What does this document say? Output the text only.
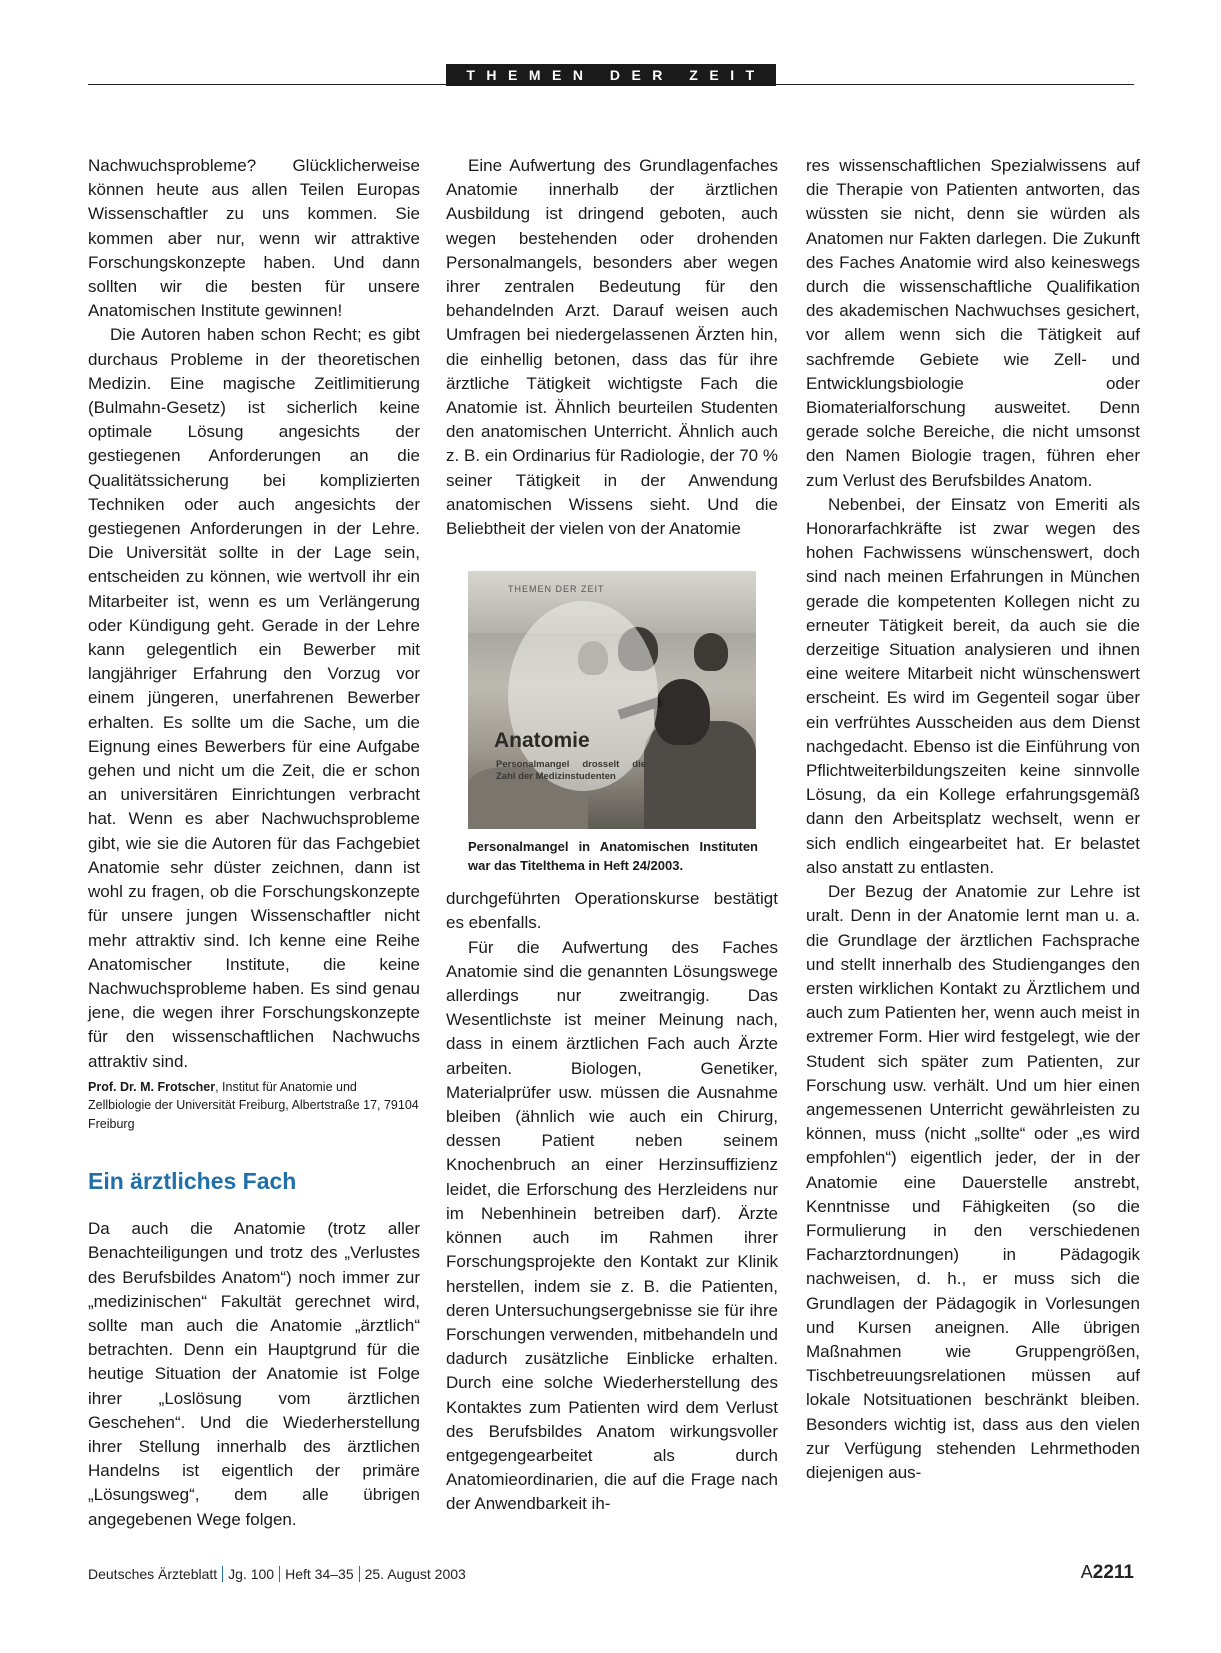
THEMEN DER ZEIT

Nachwuchsprobleme? Glücklicherweise können heute aus allen Teilen Europas Wissenschaftler zu uns kommen. Sie kommen aber nur, wenn wir attraktive Forschungskonzepte haben. Und dann sollten wir die besten für unsere Anatomischen Institute gewinnen!

Die Autoren haben schon Recht; es gibt durchaus Probleme in der theoretischen Medizin. Eine magische Zeitlimitierung (Bulmahn-Gesetz) ist sicherlich keine optimale Lösung angesichts der gestiegenen Anforderungen an die Qualitätssicherung bei komplizierten Techniken oder auch angesichts der gestiegenen Anforderungen in der Lehre. Die Universität sollte in der Lage sein, entscheiden zu können, wie wertvoll ihr ein Mitarbeiter ist, wenn es um Verlängerung oder Kündigung geht. Gerade in der Lehre kann gelegentlich ein Bewerber mit langjähriger Erfahrung den Vorzug vor einem jüngeren, unerfahrenen Bewerber erhalten. Es sollte um die Sache, um die Eignung eines Bewerbers für eine Aufgabe gehen und nicht um die Zeit, die er schon an universitären Einrichtungen verbracht hat. Wenn es aber Nachwuchsprobleme gibt, wie sie die Autoren für das Fachgebiet Anatomie sehr düster zeichnen, dann ist wohl zu fragen, ob die Forschungskonzepte für unsere jungen Wissenschaftler nicht mehr attraktiv sind. Ich kenne eine Reihe Anatomischer Institute, die keine Nachwuchsprobleme haben. Es sind genau jene, die wegen ihrer Forschungskonzepte für den wissenschaftlichen Nachwuchs attraktiv sind.

Prof. Dr. M. Frotscher, Institut für Anatomie und Zellbiologie der Universität Freiburg, Albertstraße 17, 79104 Freiburg
Ein ärztliches Fach

Da auch die Anatomie (trotz aller Benachteiligungen und trotz des „Verlustes des Berufsbildes Anatom“) noch immer zur „medizinischen“ Fakultät gerechnet wird, sollte man auch die Anatomie „ärztlich“ betrachten. Denn ein Hauptgrund für die heutige Situation der Anatomie ist Folge ihrer „Loslösung vom ärztlichen Geschehen“. Und die Wiederherstellung ihrer Stellung innerhalb des ärztlichen Handelns ist eigentlich der primäre „Lösungsweg“, dem alle übrigen angegebenen Wege folgen.

Eine Aufwertung des Grundlagenfaches Anatomie innerhalb der ärztlichen Ausbildung ist dringend geboten, auch wegen bestehenden oder drohenden Personalmangels, besonders aber wegen ihrer zentralen Bedeutung für den behandelnden Arzt. Darauf weisen auch Umfragen bei niedergelassenen Ärzten hin, die einhellig betonen, dass das für ihre ärztliche Tätigkeit wichtigste Fach die Anatomie ist. Ähnlich beurteilen Studenten den anatomischen Unterricht. Ähnlich auch z. B. ein Ordinarius für Radiologie, der 70 % seiner Tätigkeit in der Anwendung anatomischen Wissens sieht. Und die Beliebtheit der vielen von der Anatomie

THEMEN DER ZEIT
Anatomie
Personalmangel drosselt die Zahl der Medizinstudenten
Personalmangel in Anatomischen Instituten war das Titelthema in Heft 24/2003.

durchgeführten Operationskurse bestätigt es ebenfalls.

Für die Aufwertung des Faches Anatomie sind die genannten Lösungswege allerdings nur zweitrangig. Das Wesentlichste ist meiner Meinung nach, dass in einem ärztlichen Fach auch Ärzte arbeiten. Biologen, Genetiker, Materialprüfer usw. müssen die Ausnahme bleiben (ähnlich wie auch ein Chirurg, dessen Patient neben seinem Knochenbruch an einer Herzinsuffizienz leidet, die Erforschung des Herzleidens nur im Nebenhinein betreiben darf). Ärzte können auch im Rahmen ihrer Forschungsprojekte den Kontakt zur Klinik herstellen, indem sie z. B. die Patienten, deren Untersuchungsergebnisse sie für ihre Forschungen verwenden, mitbehandeln und dadurch zusätzliche Einblicke erhalten. Durch eine solche Wiederherstellung des Kontaktes zum Patienten wird dem Verlust des Berufsbildes Anatom wirkungsvoller entgegengearbeitet als durch Anatomieordinarien, die auf die Frage nach der Anwendbarkeit ih-

res wissenschaftlichen Spezialwissens auf die Therapie von Patienten antworten, das wüssten sie nicht, denn sie würden als Anatomen nur Fakten darlegen. Die Zukunft des Faches Anatomie wird also keineswegs durch die wissenschaftliche Qualifikation des akademischen Nachwuchses gesichert, vor allem wenn sich die Tätigkeit auf sachfremde Gebiete wie Zell- und Entwicklungsbiologie oder Biomaterialforschung ausweitet. Denn gerade solche Bereiche, die nicht umsonst den Namen Biologie tragen, führen eher zum Verlust des Berufsbildes Anatom.

Nebenbei, der Einsatz von Emeriti als Honorarfachkräfte ist zwar wegen des hohen Fachwissens wünschenswert, doch sind nach meinen Erfahrungen in München gerade die kompetenten Kollegen nicht zu erneuter Tätigkeit bereit, da auch sie die derzeitige Situation analysieren und ihnen eine weitere Mitarbeit nicht wünschenswert erscheint. Es wird im Gegenteil sogar über ein verfrühtes Ausscheiden aus dem Dienst nachgedacht. Ebenso ist die Einführung von Pflichtweiterbildungszeiten keine sinnvolle Lösung, da ein Kollege erfahrungsgemäß dann den Arbeitsplatz wechselt, wenn er sich endlich eingearbeitet hat. Er belastet also anstatt zu entlasten.

Der Bezug der Anatomie zur Lehre ist uralt. Denn in der Anatomie lernt man u. a. die Grundlage der ärztlichen Fachsprache und stellt innerhalb des Studienganges den ersten wirklichen Kontakt zu Ärztlichem und auch zum Patienten her, wenn auch meist in extremer Form. Hier wird festgelegt, wie der Student sich später zum Patienten, zur Forschung usw. verhält. Und um hier einen angemessenen Unterricht gewährleisten zu können, muss (nicht „sollte“ oder „es wird empfohlen“) eigentlich jeder, der in der Anatomie eine Dauerstelle anstrebt, Kenntnisse und Fähigkeiten (so die Formulierung in den verschiedenen Facharztordnungen) in Pädagogik nachweisen, d. h., er muss sich die Grundlagen der Pädagogik in Vorlesungen und Kursen aneignen. Alle übrigen Maßnahmen wie Gruppengrößen, Tischbetreuungsrelationen müssen auf lokale Notsituationen beschränkt bleiben. Besonders wichtig ist, dass aus den vielen zur Verfügung stehenden Lehrmethoden diejenigen aus-

Deutsches Ärzteblatt Jg. 100 Heft 34–35 25. August 2003	A2211
